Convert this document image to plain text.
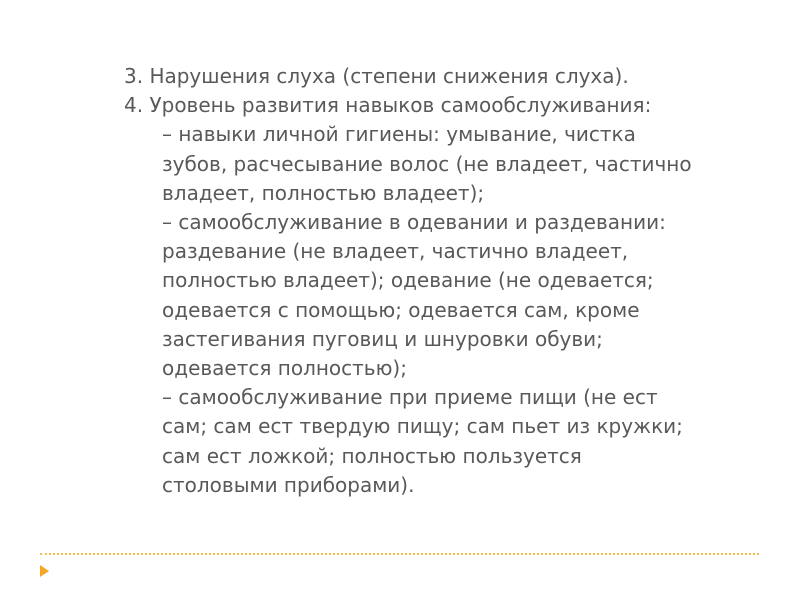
3. Нарушения слуха (степени снижения слуха).
4. Уровень развития навыков самообслуживания:
– навыки личной гигиены: умывание, чистка
зубов, расчесывание волос (не владеет, частично
владеет, полностью владеет);
– самообслуживание в одевании и раздевании:
раздевание (не владеет, частично владеет,
полностью владеет); одевание (не одевается;
одевается с помощью; одевается сам, кроме
застегивания пуговиц и шнуровки обуви;
одевается полностью);
– самообслуживание при приеме пищи (не ест
сам; сам ест твердую пищу; сам пьет из кружки;
сам ест ложкой; полностью пользуется
столовыми приборами).
